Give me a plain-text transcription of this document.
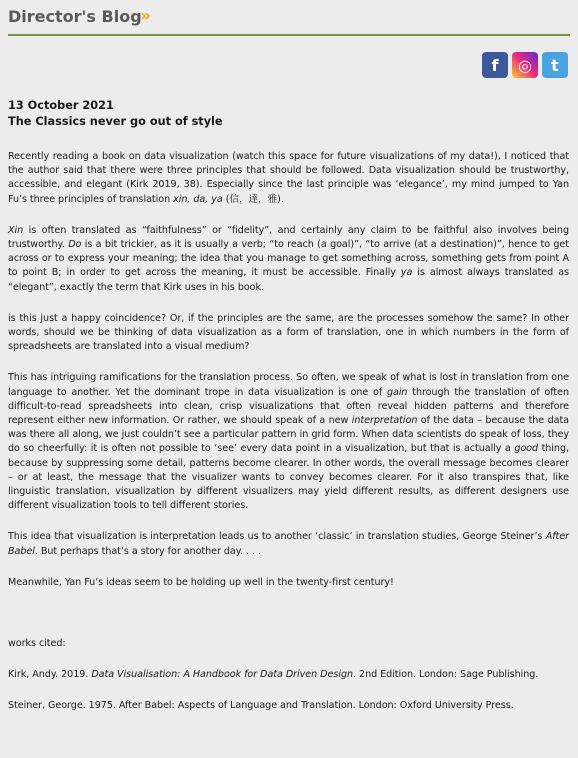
Director's Blog
»
f	◎	t
13 October 2021
The Classics never go out of style

Recently reading a book on data visualization (watch this space for future visualizations of my data!), I noticed that the author said that there were three principles that should be followed. Data visualization should be trustworthy, accessible, and elegant (Kirk 2019, 38). Especially since the last principle was ‘elegance’, my mind jumped to Yan Fu’s three principles of translation xin, da, ya (信，達，雅).

Xin is often translated as “faithfulness” or “fidelity”, and certainly any claim to be faithful also involves being trustworthy. Do is a bit trickier, as it is usually a verb; “to reach (a goal)”, “to arrive (at a destination)”, hence to get across or to express your meaning; the idea that you manage to get something across, something gets from point A to point B; in order to get across the meaning, it must be accessible. Finally ya is almost always translated as “elegant”, exactly the term that Kirk uses in his book.

is this just a happy coincidence? Or, if the principles are the same, are the processes somehow the same? In other words, should we be thinking of data visualization as a form of translation, one in which numbers in the form of spreadsheets are translated into a visual medium?

This has intriguing ramifications for the translation process. So often, we speak of what is lost in translation from one language to another. Yet the dominant trope in data visualization is one of gain through the translation of often difficult-to-read spreadsheets into clean, crisp visualizations that often reveal hidden patterns and therefore represent either new information. Or rather, we should speak of a new interpretation of the data – because the data was there all along, we just couldn’t see a particular pattern in grid form. When data scientists do speak of loss, they do so cheerfully: it is often not possible to ‘see’ every data point in a visualization, but that is actually a good thing, because by suppressing some detail, patterns become clearer. In other words, the overall message becomes clearer – or at least, the message that the visualizer wants to convey becomes clearer. For it also transpires that, like linguistic translation, visualization by different visualizers may yield different results, as different designers use different visualization tools to tell different stories.

This idea that visualization is interpretation leads us to another ‘classic’ in translation studies, George Steiner’s After Babel. But perhaps that’s a story for another day. . . .

Meanwhile, Yan Fu’s ideas seem to be holding up well in the twenty-first century!

works cited:

Kirk, Andy. 2019. Data Visualisation: A Handbook for Data Driven Design. 2nd Edition. London: Sage Publishing.

Steiner, George. 1975. After Babel: Aspects of Language and Translation. London: Oxford University Press.
